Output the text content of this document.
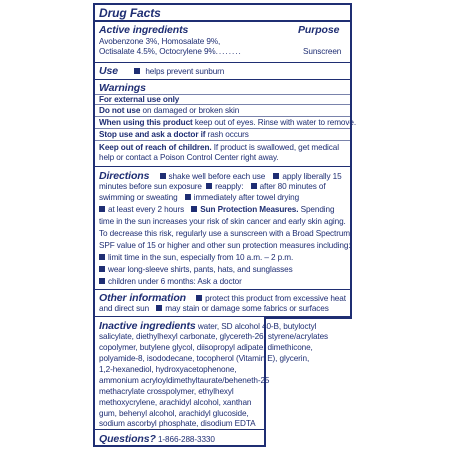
Drug Facts
Active ingredients	Purpose
Avobenzone 3%, Homosalate 9%,
Octisalate 4.5%, Octocrylene 9%........	Sunscreen
Use	helps prevent sunburn
Warnings
For external use only
Do not use on damaged or broken skin
When using this product keep out of eyes. Rinse with water to remove.
Stop use and ask a doctor if rash occurs
Keep out of reach of children. If product is swallowed, get medical
help or contact a Poison Control Center right away.
Directions shake well before each use apply liberally 15
minutes before sun exposure reapply: after 80 minutes of
swimming or sweating immediately after towel drying
at least every 2 hours Sun Protection Measures. Spending
time in the sun increases your risk of skin cancer and early skin aging.
To decrease this risk, regularly use a sunscreen with a Broad Spectrum
SPF value of 15 or higher and other sun protection measures including:
limit time in the sun, especially from 10 a.m. – 2 p.m.
wear long-sleeve shirts, pants, hats, and sunglasses
children under 6 months: Ask a doctor
Other information protect this product from excessive heat
and direct sun may stain or damage some fabrics or surfaces
Inactive ingredients water, SD alcohol 40-B, butyloctyl
salicylate, diethylhexyl carbonate, glycereth-26, styrene/acrylates
copolymer, butylene glycol, diisopropyl adipate, dimethicone,
polyamide-8, isododecane, tocopherol (Vitamin E), glycerin,
1,2-hexanediol, hydroxyacetophenone,
ammonium acryloyldimethyltaurate/beheneth-25
methacrylate crosspolymer, ethylhexyl
methoxycrylene, arachidyl alcohol, xanthan
gum, behenyl alcohol, arachidyl glucoside,
sodium ascorbyl phosphate, disodium EDTA
Questions? 1-866-288-3330
